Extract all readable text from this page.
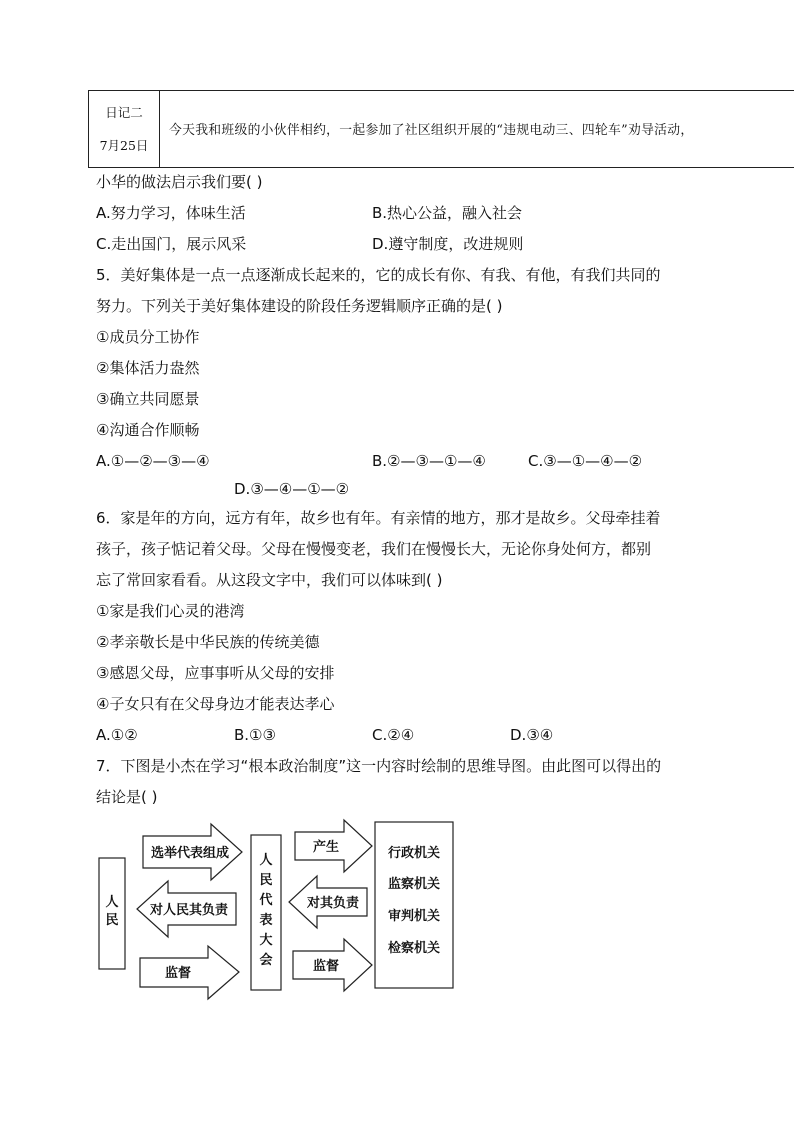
日记二
7月25日
今天我和班级的小伙伴相约，一起参加了社区组织开展的“违规电动三、四轮车”劝导活动，
小华的做法启示我们要( )
A.努力学习，体味生活	B.热心公益，融入社会
C.走出国门，展示风采	D.遵守制度，改进规则
5．美好集体是一点一点逐渐成长起来的，它的成长有你、有我、有他，有我们共同的
努力。下列关于美好集体建设的阶段任务逻辑顺序正确的是( )
①成员分工协作
②集体活力盎然
③确立共同愿景
④沟通合作顺畅
A.①—②—③—④	B.②—③—①—④	C.③—①—④—②
D.③—④—①—②
6．家是年的方向，远方有年，故乡也有年。有亲情的地方，那才是故乡。父母牵挂着
孩子，孩子惦记着父母。父母在慢慢变老，我们在慢慢长大，无论你身处何方，都别
忘了常回家看看。从这段文字中，我们可以体味到( )
①家是我们心灵的港湾
②孝亲敬长是中华民族的传统美德
③感恩父母，应事事听从父母的安排
④子女只有在父母身边才能表达孝心
A.①②	B.①③	C.②④	D.③④
7．下图是小杰在学习“根本政治制度”这一内容时绘制的思维导图。由此图可以得出的
结论是( )
人
民
人
民
代
表
大
会
选举代表组成
对人民其负责
监督
产生
对其负责
监督
行政机关
监察机关
审判机关
检察机关
